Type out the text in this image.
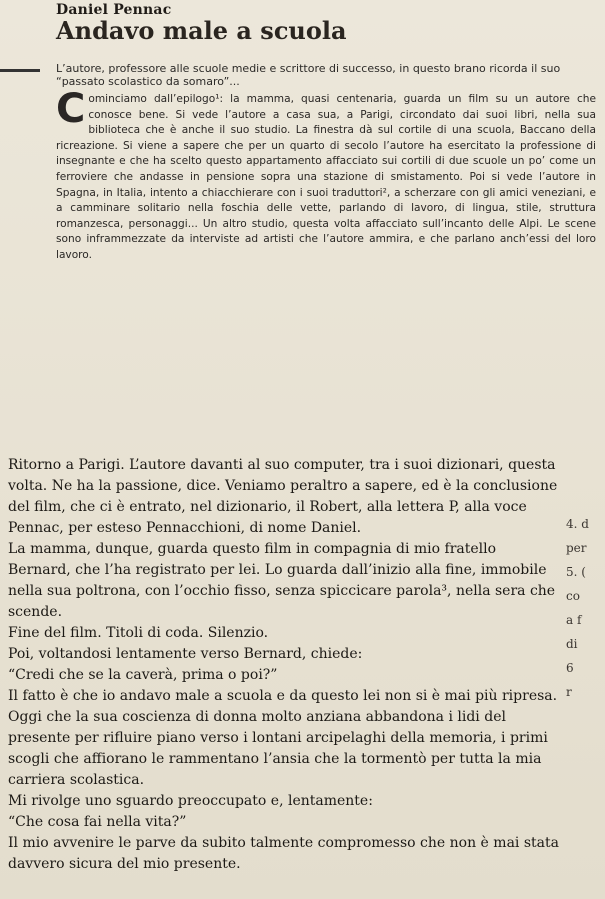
Daniel Pennac
Andavo male a scuola
L’autore, professore alle scuole medie e scrittore di successo, in questo brano ricorda il suo “passato scolastico da somaro”...
Cominciamo dall’epilogo¹: la mamma, quasi centenaria, guarda un film su un autore che conosce bene. Si vede l’autore a casa sua, a Parigi, circondato dai suoi libri, nella sua biblioteca che è anche il suo studio. La finestra dà sul cortile di una scuola, Baccano della ricreazione. Si viene a sapere che per un quarto di secolo l’autore ha esercitato la professione di insegnante e che ha scelto questo appartamento affacciato sui cortili di due scuole un po’ come un ferroviere che andasse in pensione sopra una stazione di smistamento. Poi si vede l’autore in Spagna, in Italia, intento a chiacchierare con i suoi traduttori², a scherzare con gli amici veneziani, e a camminare solitario nella foschia delle vette, parlando di lavoro, di lingua, stile, struttura romanzesca, personaggi... Un altro studio, questa volta affacciato sull’incanto delle Alpi. Le scene sono inframmezzate da interviste ad artisti che l’autore ammira, e che parlano anch’essi del loro lavoro.

Ritorno a Parigi. L’autore davanti al suo computer, tra i suoi dizionari, questa volta. Ne ha la passione, dice. Veniamo peraltro a sapere, ed è la conclusione del film, che ci è entrato, nel dizionario, il Robert, alla lettera P, alla voce Pennac, per esteso Pennacchioni, di nome Daniel.

La mamma, dunque, guarda questo film in compagnia di mio fratello Bernard, che l’ha registrato per lei. Lo guarda dall’inizio alla fine, immobile nella sua poltrona, con l’occhio fisso, senza spiccicare parola³, nella sera che scende.

Fine del film. Titoli di coda. Silenzio.

Poi, voltandosi lentamente verso Bernard, chiede:

“Credi che se la caverà, prima o poi?”

Il fatto è che io andavo male a scuola e da questo lei non si è mai più ripresa. Oggi che la sua coscienza di donna molto anziana abbandona i lidi del presente per rifluire piano verso i lontani arcipelaghi della memoria, i primi scogli che affiorano le rammentano l’ansia che la tormentò per tutta la mia carriera scolastica.

Mi rivolge uno sguardo preoccupato e, lentamente:

“Che cosa fai nella vita?”

Il mio avvenire le parve da subito talmente compromesso che non è mai stata davvero sicura del mio presente.

4. d
per
5. (
co
a f
di
6
r
